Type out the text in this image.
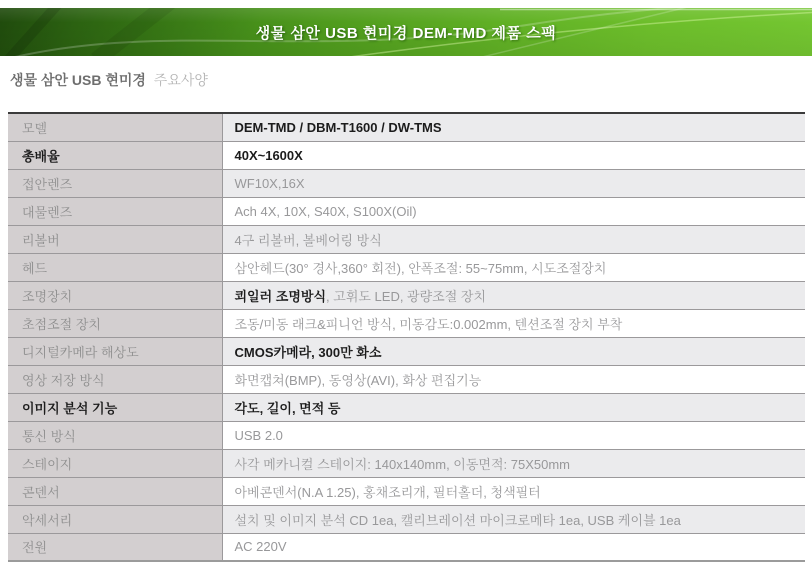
생물 삼안 USB 현미경 DEM-TMD 제품 스팩
생물 삼안 USB 현미경 주요사양
모델	DEM-TMD / DBM-T1600 / DW-TMS
총배율	40X~1600X
접안렌즈	WF10X,16X
대물렌즈	Ach 4X, 10X, S40X, S100X(Oil)
리볼버	4구 리볼버, 볼베어링 방식
헤드	삼안헤드(30° 경사,360° 회전), 안폭조절: 55~75mm, 시도조절장치
조명장치	쾨일러 조명방식, 고휘도 LED, 광량조절 장치
초점조절 장치	조동/미동 래크&피니언 방식, 미동감도:0.002mm, 텐션조절 장치 부착
디지털카메라 해상도	CMOS카메라, 300만 화소
영상 저장 방식	화면캡쳐(BMP), 동영상(AVI), 화상 편집기능
이미지 분석 기능	각도, 길이, 면적 등
통신 방식	USB 2.0
스테이지	사각 메카니컬 스테이지: 140x140mm, 이동면적: 75X50mm
콘덴서	아베콘덴서(N.A 1.25), 홍채조리개, 필터홀더, 청색필터
악세서리	설치 및 이미지 분석 CD 1ea, 캘리브레이션 마이크로메타 1ea, USB 케이블 1ea
전원	AC 220V
